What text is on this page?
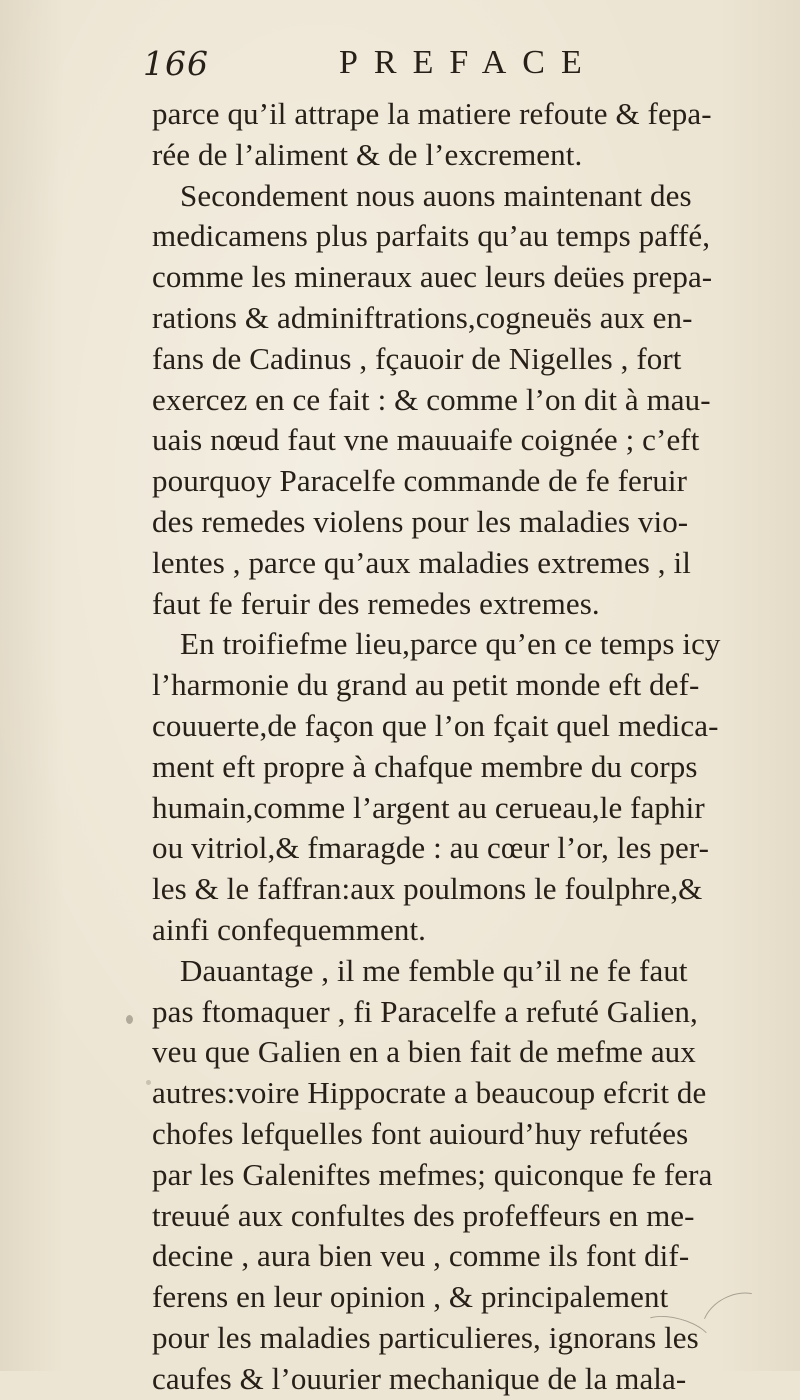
166	PREFACE
parce qu’il attrape la matiere refoute & fepa-
rée de l’aliment & de l’excrement.
Secondement nous auons maintenant des
medicamens plus parfaits qu’au temps paffé,
comme les mineraux auec leurs deües prepa-
rations & adminiftrations,cogneuës aux en-
fans de Cadinus , fçauoir de Nigelles , fort
exercez en ce fait : & comme l’on dit à mau-
uais nœud faut vne mauuaife coignée ; c’eft
pourquoy Paracelfe commande de fe feruir
des remedes violens pour les maladies vio-
lentes , parce qu’aux maladies extremes , il
faut fe feruir des remedes extremes.
En troifiefme lieu,parce qu’en ce temps icy
l’harmonie du grand au petit monde eft def-
couuerte,de façon que l’on fçait quel medica-
ment eft propre à chafque membre du corps
humain,comme l’argent au cerueau,le faphir
ou vitriol,& fmaragde : au cœur l’or, les per-
les & le faffran:aux poulmons le foulphre,&
ainfi confequemment.
Dauantage , il me femble qu’il ne fe faut
pas ftomaquer , fi Paracelfe a refuté Galien,
veu que Galien en a bien fait de mefme aux
autres:voire Hippocrate a beaucoup efcrit de
chofes lefquelles font auiourd’huy refutées
par les Galeniftes mefmes; quiconque fe fera
treuué aux confultes des profeffeurs en me-
decine , aura bien veu , comme ils font dif-
ferens en leur opinion , & principalement
pour les maladies particulieres, ignorans les
caufes & l’ouurier mechanique de la mala-
